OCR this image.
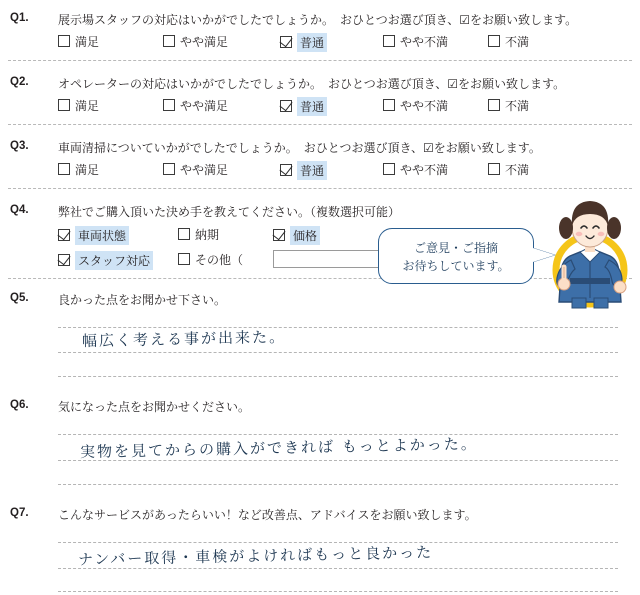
Q1.	展示場スタッフの対応はいかがでしたでしょうか。　おひとつお選び頂き、☑をお願い致します。
満足	やや満足	普通	やや不満	不満
Q2.	オペレーターの対応はいかがでしたでしょうか。　おひとつお選び頂き、☑をお願い致します。
満足	やや満足	普通	やや不満	不満
Q3.	車両清掃についていかがでしたでしょうか。　おひとつお選び頂き、☑をお願い致します。
満足	やや満足	普通	やや不満	不満
Q4.	弊社でご購入頂いた決め手を教えてください。（複数選択可能）
車両状態	納期	価格
スタッフ対応	その他（
Q5.	良かった点をお聞かせ下さい。
幅広く考える事が出来た。
Q6.	気になった点をお聞かせください。
実物を見てからの購入ができれば もっとよかった。
Q7.	こんなサービスがあったらいい！など改善点、アドバイスをお願い致します。
ナンバー取得・車検がよければもっと良かった
ご意見・ご指摘
お待ちしています。
